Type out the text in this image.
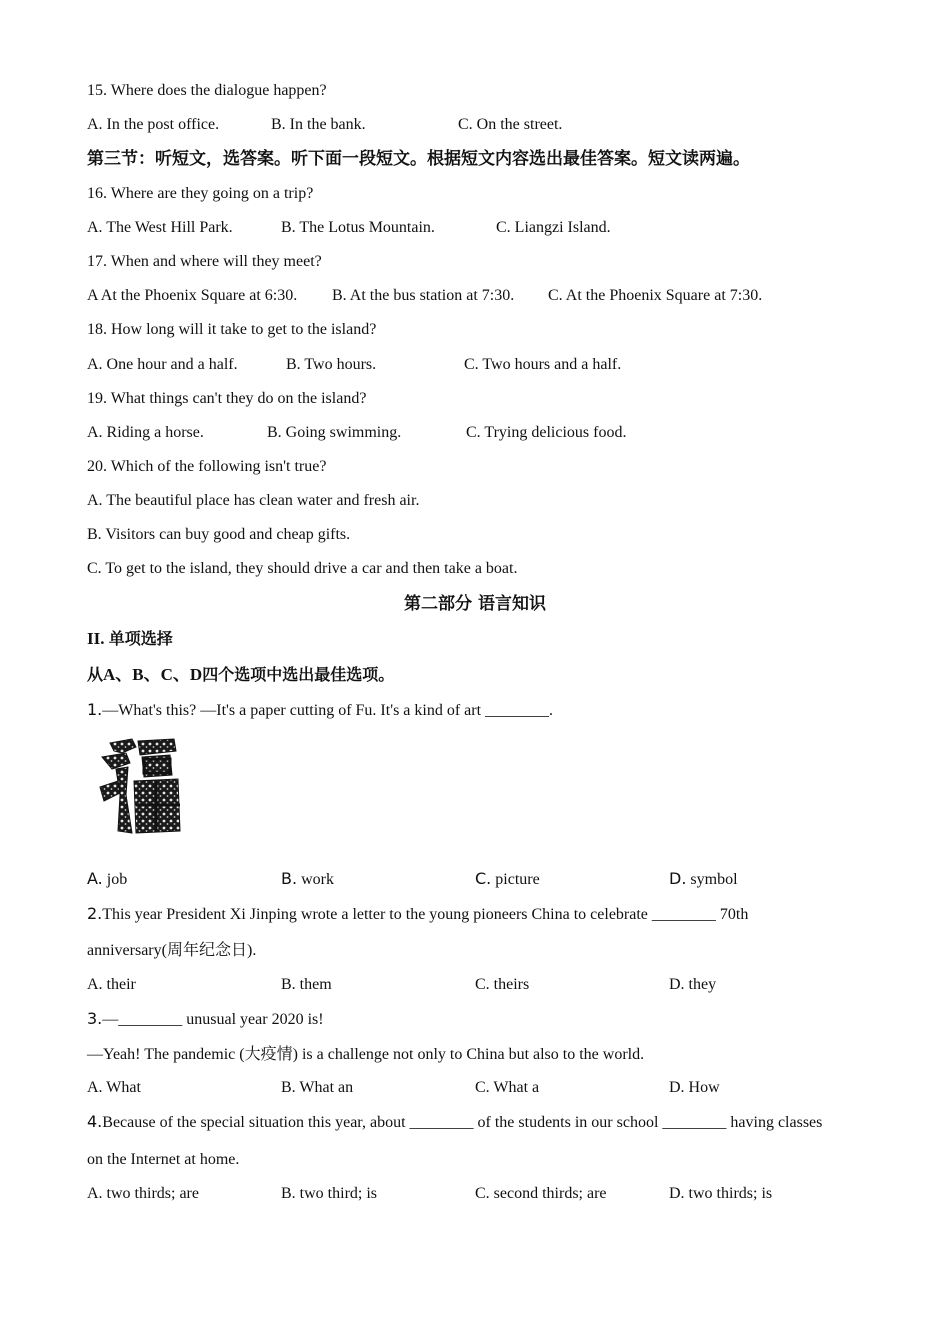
15. Where does the dialogue happen?
A. In the post office.	B. In the bank.	C. On the street.
第三节：听短文，选答案。听下面一段短文。根据短文内容选出最佳答案。短文读两遍。
16. Where are they going on a trip?
A. The West Hill Park.	B. The Lotus Mountain.	C. Liangzi Island.
17. When and where will they meet?
A At the Phoenix Square at 6:30. B. At the bus station at 7:30. C. At the Phoenix Square at 7:30.
18. How long will it take to get to the island?
A. One hour and a half.	B. Two hours.	C. Two hours and a half.
19. What things can't they do on the island?
A. Riding a horse.	B. Going swimming.	C. Trying delicious food.
20. Which of the following isn't true?
A. The beautiful place has clean water and fresh air.
B. Visitors can buy good and cheap gifts.
C. To get to the island, they should drive a car and then take a boat.
第二部分 语言知识
II. 单项选择
从A、B、C、D四个选项中选出最佳选项。
1.—What's this? —It's a paper cutting of Fu. It's a kind of art ________.
福
A. job	B. work	C. picture	D. symbol
2.This year President Xi Jinping wrote a letter to the young pioneers China to celebrate ________ 70th
anniversary(周年纪念日).
A. their	B. them	C. theirs	D. they
3.—________ unusual year 2020 is!
—Yeah! The pandemic (大疫情) is a challenge not only to China but also to the world.
A. What	B. What an	C. What a	D. How
4.Because of the special situation this year, about ________ of the students in our school ________ having classes
on the Internet at home.
A. two thirds; are	B. two third; is	C. second thirds; are	D. two thirds; is
